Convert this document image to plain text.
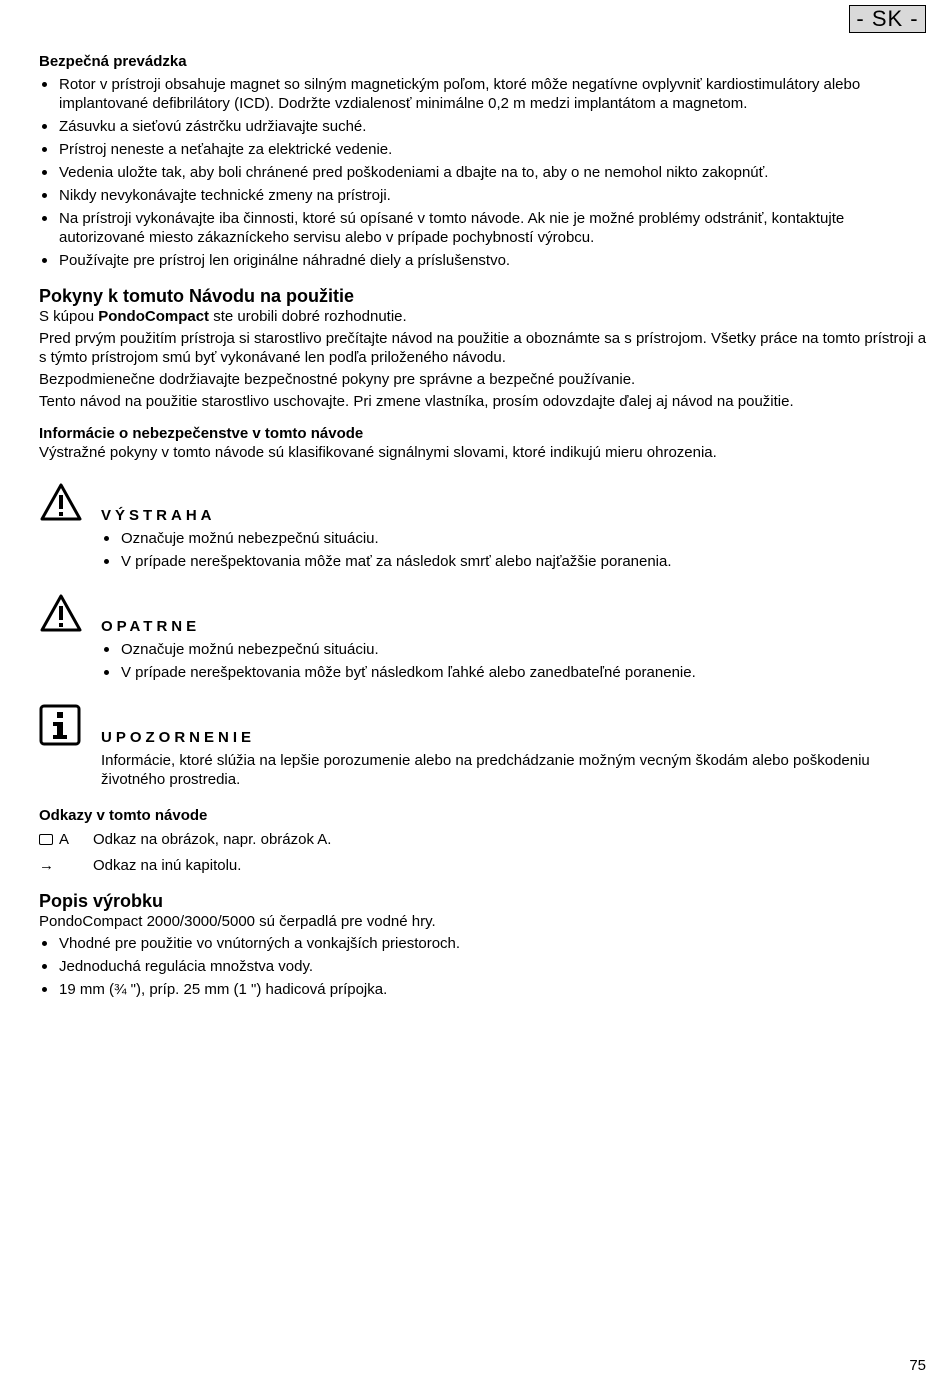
- SK -
Bezpečná prevádzka
Rotor v prístroji obsahuje magnet so silným magnetickým poľom, ktoré môže negatívne ovplyvniť kardiostimulátory alebo implantované defibrilátory (ICD). Dodržte vzdialenosť minimálne 0,2 m medzi implantátom a magnetom.
Zásuvku a sieťovú zástrčku udržiavajte suché.
Prístroj neneste a neťahajte za elektrické vedenie.
Vedenia uložte tak, aby boli chránené pred poškodeniami a dbajte na to, aby o ne nemohol nikto zakopnúť.
Nikdy nevykonávajte technické zmeny na prístroji.
Na prístroji vykonávajte iba činnosti, ktoré sú opísané v tomto návode. Ak nie je možné problémy odstrániť, kontaktujte autorizované miesto zákazníckeho servisu alebo v prípade pochybností výrobcu.
Používajte pre prístroj len originálne náhradné diely a príslušenstvo.
Pokyny k tomuto Návodu na použitie

S kúpou PondoCompact ste urobili dobré rozhodnutie.

Pred prvým použitím prístroja si starostlivo prečítajte návod na použitie a oboznámte sa s prístrojom. Všetky práce na tomto prístroji a s týmto prístrojom smú byť vykonávané len podľa priloženého návodu.

Bezpodmienečne dodržiavajte bezpečnostné pokyny pre správne a bezpečné používanie.

Tento návod na použitie starostlivo uschovajte. Pri zmene vlastníka, prosím odovzdajte ďalej aj návod na použitie.

Informácie o nebezpečenstve v tomto návode

Výstražné pokyny v tomto návode sú klasifikované signálnymi slovami, ktoré indikujú mieru ohrozenia.

VÝSTRAHA
Označuje možnú nebezpečnú situáciu.
V prípade nerešpektovania môže mať za následok smrť alebo najťažšie poranenia.
OPATRNE
Označuje možnú nebezpečnú situáciu.
V prípade nerešpektovania môže byť následkom ľahké alebo zanedbateľné poranenie.
UPOZORNENIE

Informácie, ktoré slúžia na lepšie porozumenie alebo na predchádzanie možným vecným škodám alebo poškodeniu životného prostredia.

Odkazy v tomto návode
A Odkaz na obrázok, napr. obrázok A.
→	Odkaz na inú kapitolu.
Popis výrobku

PondoCompact 2000/3000/5000 sú čerpadlá pre vodné hry.

Vhodné pre použitie vo vnútorných a vonkajších priestoroch.
Jednoduchá regulácia množstva vody.
19 mm (¾ "), príp. 25 mm (1 ") hadicová prípojka.
75
